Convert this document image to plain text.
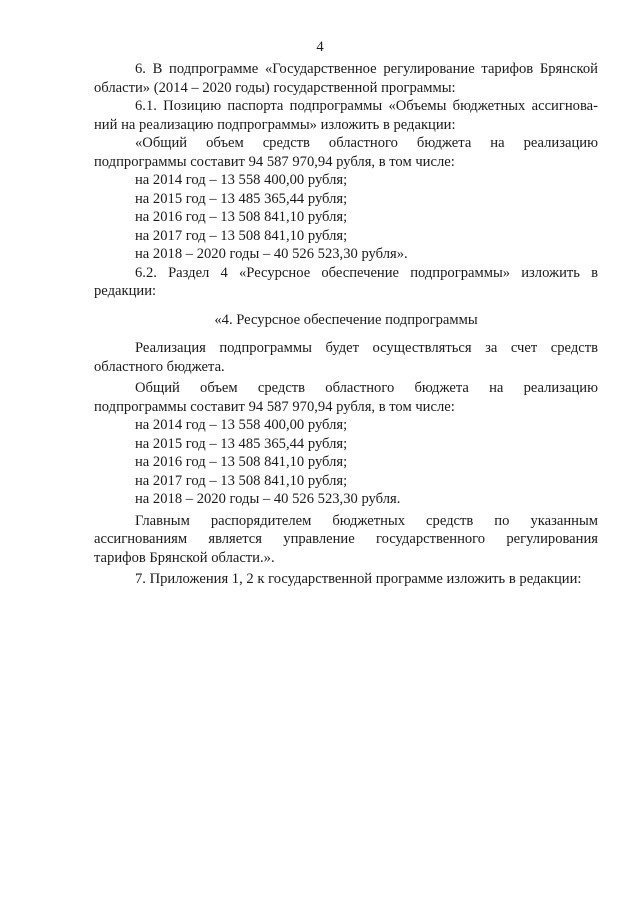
4

6. В подпрограмме «Государственное регулирование тарифов Брянской

области» (2014 – 2020 годы) государственной программы:

6.1. Позицию паспорта подпрограммы «Объемы бюджетных ассигнова-

ний на реализацию подпрограммы» изложить в редакции:

«Общий объем средств областного бюджета на реализацию

подпрограммы составит 94 587 970,94 рубля, в том числе:

на 2014 год – 13 558 400,00 рубля;

на 2015 год – 13 485 365,44 рубля;

на 2016 год – 13 508 841,10 рубля;

на 2017 год – 13 508 841,10 рубля;

на 2018 – 2020 годы – 40 526 523,30 рубля».

6.2. Раздел 4 «Ресурсное обеспечение подпрограммы» изложить в

редакции:

«4. Ресурсное обеспечение подпрограммы

Реализация подпрограммы будет осуществляться за счет средств

областного бюджета.

Общий объем средств областного бюджета на реализацию

подпрограммы составит 94 587 970,94 рубля, в том числе:

на 2014 год – 13 558 400,00 рубля;

на 2015 год – 13 485 365,44 рубля;

на 2016 год – 13 508 841,10 рубля;

на 2017 год – 13 508 841,10 рубля;

на 2018 – 2020 годы – 40 526 523,30 рубля.

Главным распорядителем бюджетных средств по указанным

ассигнованиям является управление государственного регулирования

тарифов Брянской области.».

7. Приложения 1, 2 к государственной программе изложить в редакции:
